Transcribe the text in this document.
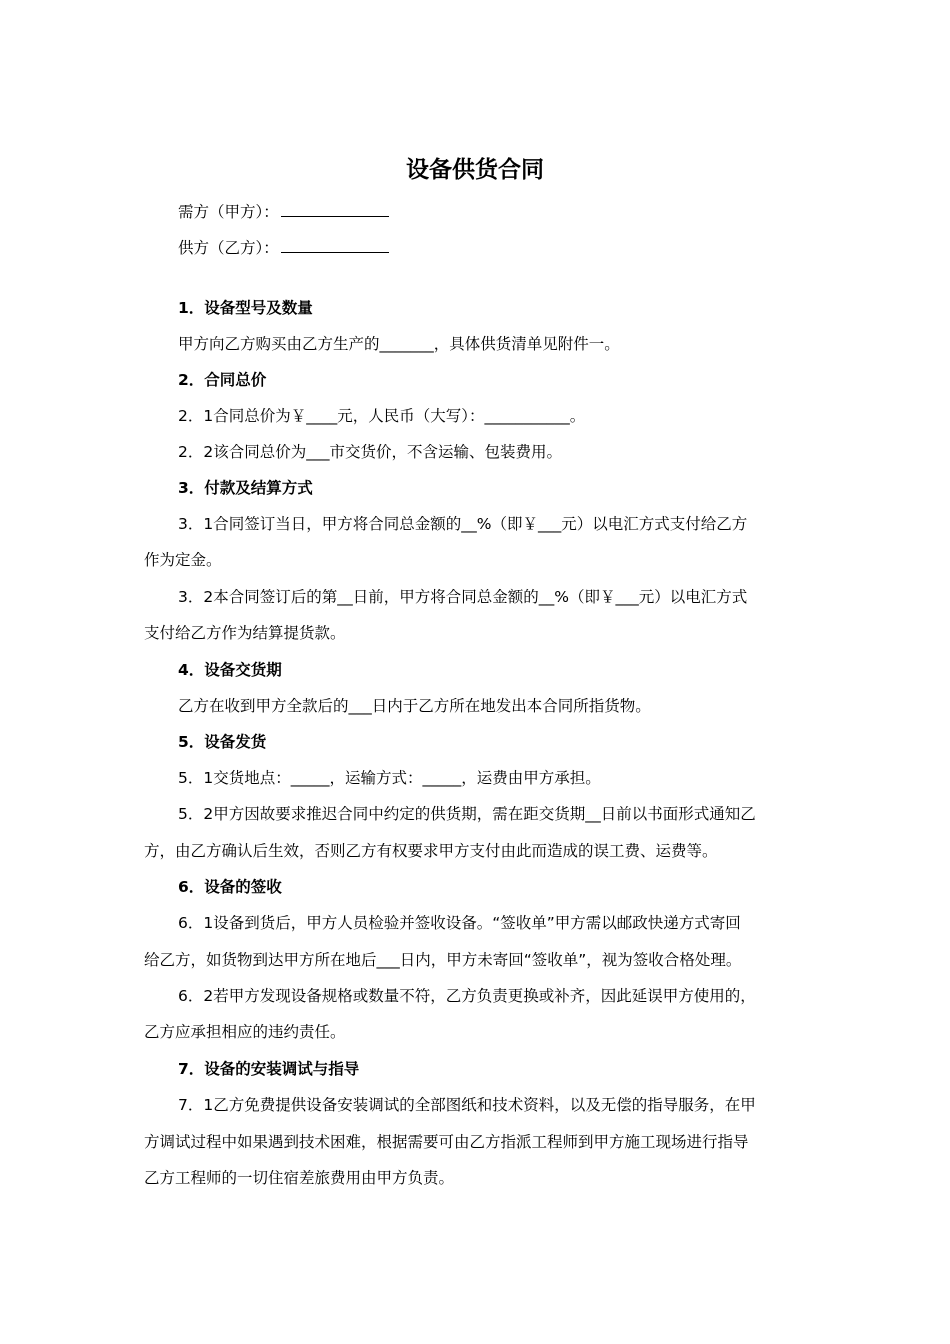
设备供货合同
需方（甲方）：
供方（乙方）：
1．设备型号及数量
甲方向乙方购买由乙方生产的_______，具体供货清单见附件一。
2．合同总价
2．1合同总价为￥____元，人民币（大写）：___________。
2．2该合同总价为___市交货价，不含运输、包装费用。
3．付款及结算方式
3．1合同签订当日，甲方将合同总金额的__%（即￥___元）以电汇方式支付给乙方
作为定金。
3．2本合同签订后的第__日前，甲方将合同总金额的__%（即￥___元）以电汇方式
支付给乙方作为结算提货款。
4．设备交货期
乙方在收到甲方全款后的___日内于乙方所在地发出本合同所指货物。
5．设备发货
5．1交货地点：_____，运输方式：_____，运费由甲方承担。
5．2甲方因故要求推迟合同中约定的供货期，需在距交货期__日前以书面形式通知乙
方，由乙方确认后生效，否则乙方有权要求甲方支付由此而造成的误工费、运费等。
6．设备的签收
6．1设备到货后，甲方人员检验并签收设备。“签收单”甲方需以邮政快递方式寄回
给乙方，如货物到达甲方所在地后___日内，甲方未寄回“签收单”，视为签收合格处理。
6．2若甲方发现设备规格或数量不符，乙方负责更换或补齐，因此延误甲方使用的，
乙方应承担相应的违约责任。
7．设备的安装调试与指导
7．1乙方免费提供设备安装调试的全部图纸和技术资料，以及无偿的指导服务，在甲
方调试过程中如果遇到技术困难，根据需要可由乙方指派工程师到甲方施工现场进行指导
乙方工程师的一切住宿差旅费用由甲方负责。
